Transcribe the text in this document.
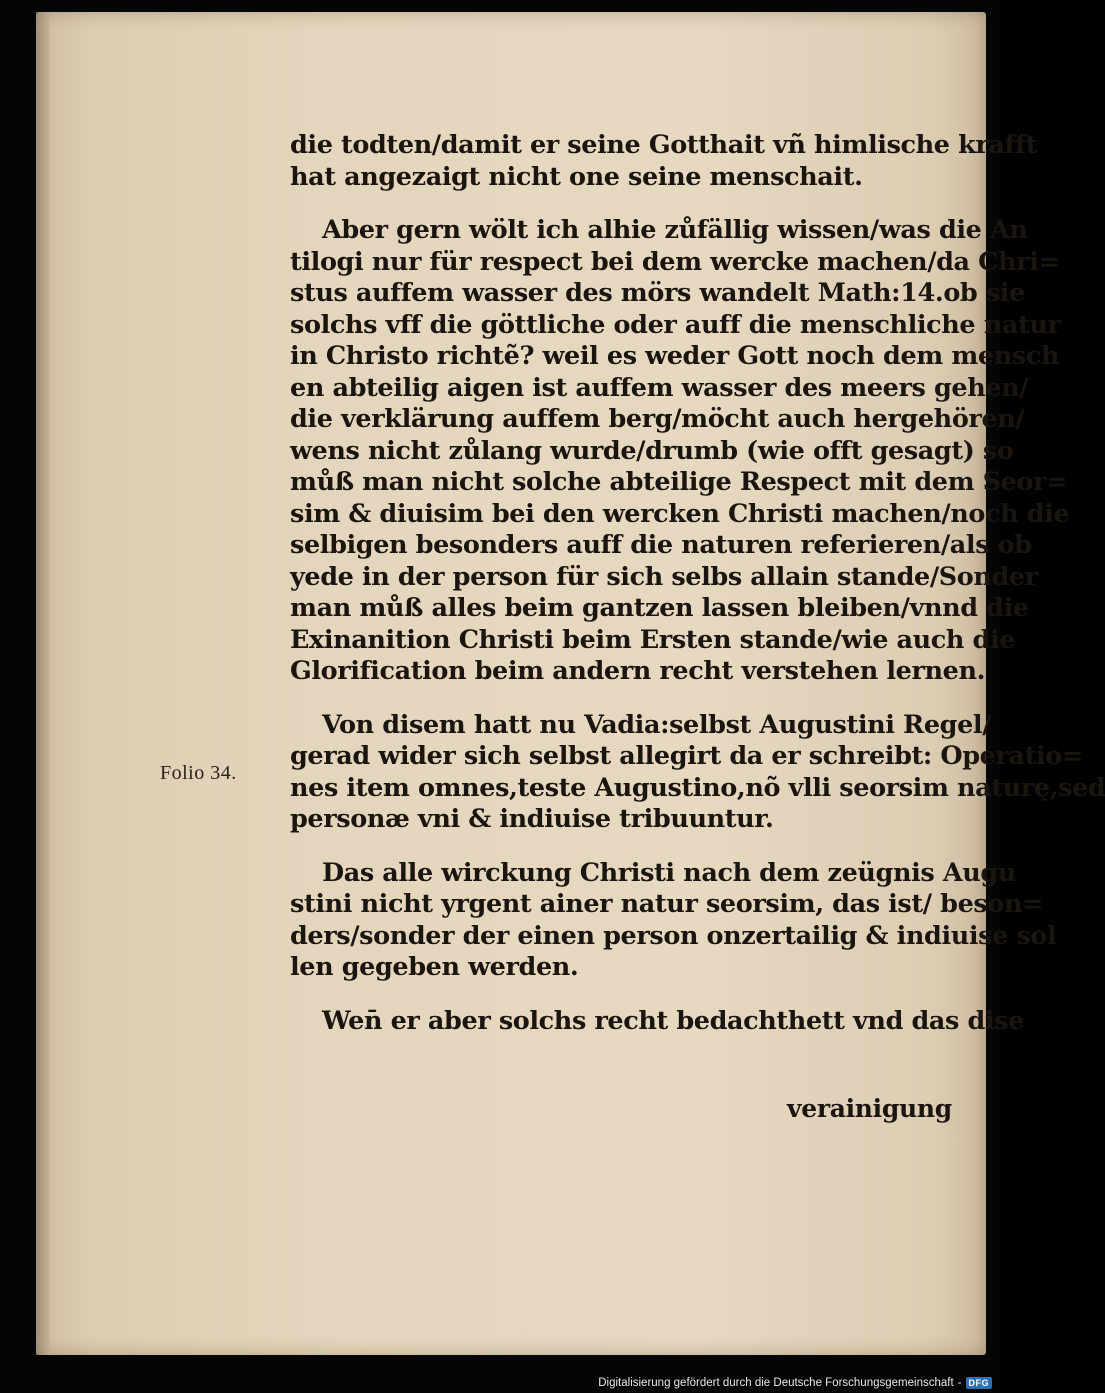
Folio 34.
die todten/damit er seine Gotthait vñ himlische krafft
hat angezaigt nicht one seine menschait.
Aber gern wölt ich alhie zůfällig wissen/was die An
tilogi nur für respect bei dem wercke machen/da Chri=
stus auffem wasser des mörs wandelt Math:14.ob sie
solchs vff die göttliche oder auff die menschliche natur
in Christo richtẽ? weil es weder Gott noch dem mensch
en abteilig aigen ist auffem wasser des meers gehen/
die verklärung auffem berg/möcht auch hergehören/
wens nicht zůlang wurde/drumb (wie offt gesagt) so
můß man nicht solche abteilige Respect mit dem Seor=
sim & diuisim bei den wercken Christi machen/noch die
selbigen besonders auff die naturen referieren/als ob
yede in der person für sich selbs allain stande/Sonder
man můß alles beim gantzen lassen bleiben/vnnd die
Exinanition Christi beim Ersten stande/wie auch die
Glorification beim andern recht verstehen lernen.
Von disem hatt nu Vadia:selbst Augustini Regel/
gerad wider sich selbst allegirt da er schreibt: Operatio=
nes item omnes,teste Augustino,nõ vlli seorsim naturę,sed
personæ vni & indiuise tribuuntur.
Das alle wirckung Christi nach dem zeügnis Augu
stini nicht yrgent ainer natur seorsim, das ist/ beson=
ders/sonder der einen person onzertailig & indiuise sol
len gegeben werden.
Wen̄ er aber solchs recht bedachthett vnd das dise
verainigung
Digitalisierung gefördert durch die Deutsche Forschungsgemeinschaft - DFG
